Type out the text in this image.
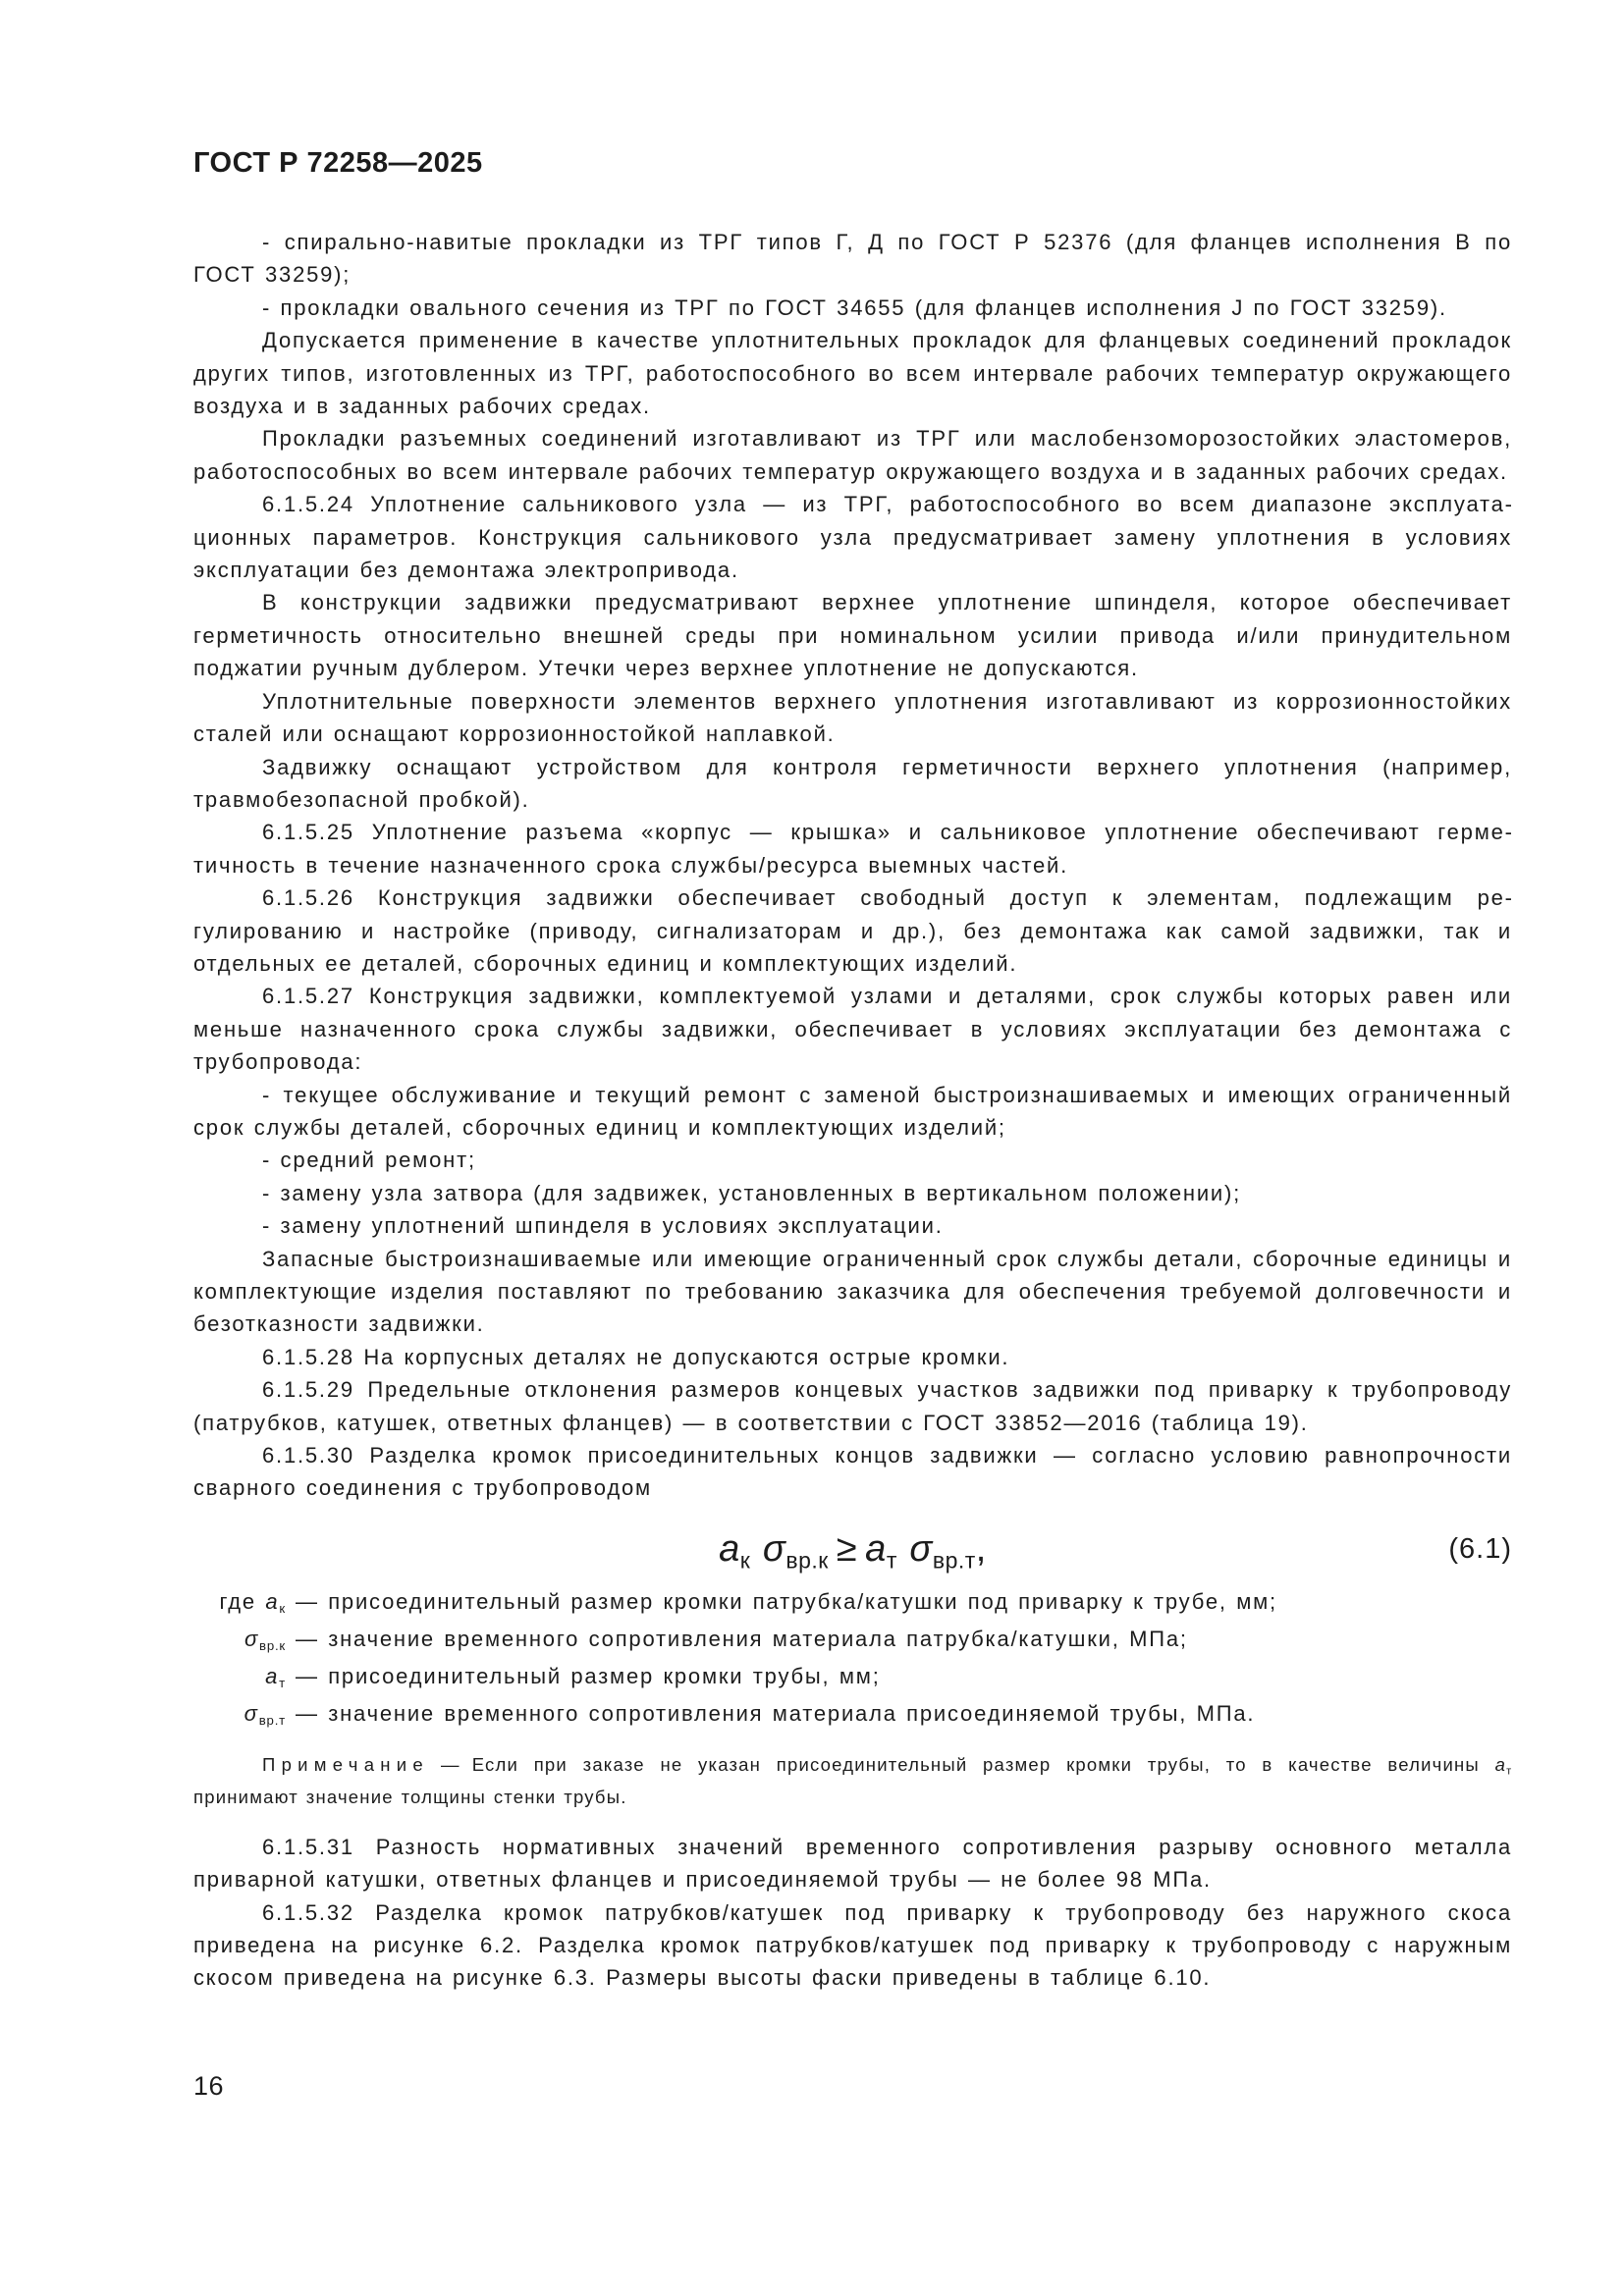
ГОСТ Р 72258—2025

- спирально-навитые прокладки из ТРГ типов Г, Д по ГОСТ Р 52376 (для фланцев исполнения В по ГОСТ 33259);

- прокладки овального сечения из ТРГ по ГОСТ 34655 (для фланцев исполнения J по ГОСТ 33259).

Допускается применение в качестве уплотнительных прокладок для фланцевых соединений прокладок других типов, изготовленных из ТРГ, работоспособного во всем интервале рабочих температур окружающего воздуха и в заданных рабочих средах.

Прокладки разъемных соединений изготавливают из ТРГ или маслобензоморозостойких эластомеров, работоспособных во всем интервале рабочих температур окружающего воздуха и в заданных рабочих средах.

6.1.5.24 Уплотнение сальникового узла — из ТРГ, работоспособного во всем диапазоне эксплуатационных параметров. Конструкция сальникового узла предусматривает замену уплотнения в условиях эксплуатации без демонтажа электропривода.

В конструкции задвижки предусматривают верхнее уплотнение шпинделя, которое обеспечивает герметичность относительно внешней среды при номинальном усилии привода и/или принудительном поджатии ручным дублером. Утечки через верхнее уплотнение не допускаются.

Уплотнительные поверхности элементов верхнего уплотнения изготавливают из коррозионностойких сталей или оснащают коррозионностойкой наплавкой.

Задвижку оснащают устройством для контроля герметичности верхнего уплотнения (например, травмобезопасной пробкой).

6.1.5.25 Уплотнение разъема «корпус — крышка» и сальниковое уплотнение обеспечивают герметичность в течение назначенного срока службы/ресурса выемных частей.

6.1.5.26 Конструкция задвижки обеспечивает свободный доступ к элементам, подлежащим регулированию и настройке (приводу, сигнализаторам и др.), без демонтажа как самой задвижки, так и отдельных ее деталей, сборочных единиц и комплектующих изделий.

6.1.5.27 Конструкция задвижки, комплектуемой узлами и деталями, срок службы которых равен или меньше назначенного срока службы задвижки, обеспечивает в условиях эксплуатации без демонтажа с трубопровода:

- текущее обслуживание и текущий ремонт с заменой быстроизнашиваемых и имеющих ограниченный срок службы деталей, сборочных единиц и комплектующих изделий;

- средний ремонт;

- замену узла затвора (для задвижек, установленных в вертикальном положении);

- замену уплотнений шпинделя в условиях эксплуатации.

Запасные быстроизнашиваемые или имеющие ограниченный срок службы детали, сборочные единицы и комплектующие изделия поставляют по требованию заказчика для обеспечения требуемой долговечности и безотказности задвижки.

6.1.5.28 На корпусных деталях не допускаются острые кромки.

6.1.5.29 Предельные отклонения размеров концевых участков задвижки под приварку к трубопроводу (патрубков, катушек, ответных фланцев) — в соответствии с ГОСТ 33852—2016 (таблица 19).

6.1.5.30 Разделка кромок присоединительных концов задвижки — согласно условию равнопрочности сварного соединения с трубопроводом

$a_к$ $\sigma_{вр.к} \ge a_т$ $\sigma_{вр.т}$,	(6.1)
где $a_к$ — присоединительный размер кромки патрубка/катушки под приварку к трубе, мм;
$\sigma_{вр.к}$ — значение временного сопротивления материала патрубка/катушки, МПа;
$a_т$ — присоединительный размер кромки трубы, мм;
$\sigma_{вр.т}$ — значение временного сопротивления материала присоединяемой трубы, МПа.

Примечание — Если при заказе не указан присоединительный размер кромки трубы, то в качестве величины $a_т$ принимают значение толщины стенки трубы.

6.1.5.31 Разность нормативных значений временного сопротивления разрыву основного металла приварной катушки, ответных фланцев и присоединяемой трубы — не более 98 МПа.

6.1.5.32 Разделка кромок патрубков/катушек под приварку к трубопроводу без наружного скоса приведена на рисунке 6.2. Разделка кромок патрубков/катушек под приварку к трубопроводу с наружным скосом приведена на рисунке 6.3. Размеры высоты фаски приведены в таблице 6.10.

16
